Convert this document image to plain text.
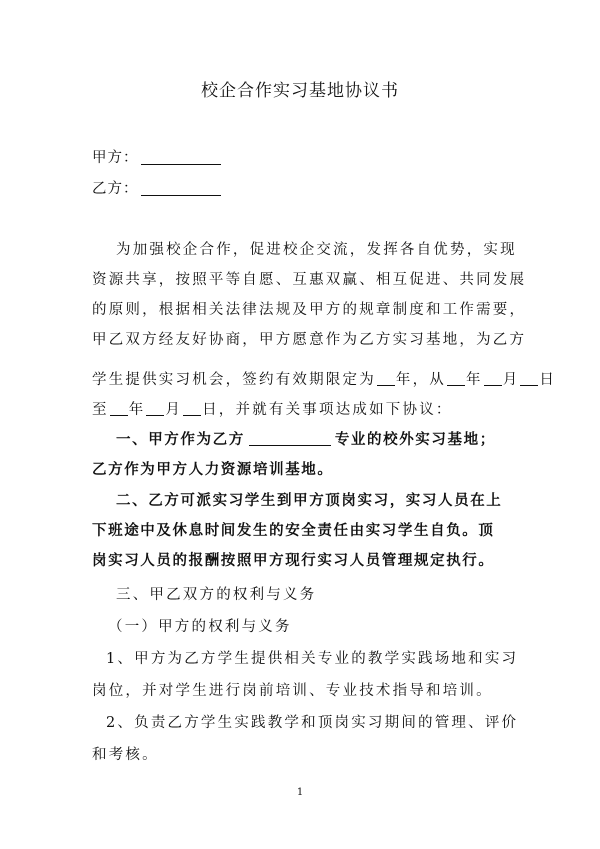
校企合作实习基地协议书
甲方：
乙方：
为加强校企合作，促进校企交流，发挥各自优势，实现
资源共享，按照平等自愿、互惠双赢、相互促进、共同发展
的原则，根据相关法律法规及甲方的规章制度和工作需要，
甲乙双方经友好协商，甲方愿意作为乙方实习基地，为乙方
学生提供实习机会，签约有效期限定为 年，从 年 月 日
至 年 月 日，并就有关事项达成如下协议：
一、甲方作为乙方	专业的校外实习基地；
乙方作为甲方人力资源培训基地。
二、乙方可派实习学生到甲方顶岗实习，实习人员在上
下班途中及休息时间发生的安全责任由实习学生自负。顶
岗实习人员的报酬按照甲方现行实习人员管理规定执行。
三、甲乙双方的权利与义务
（一）甲方的权利与义务
1、甲方为乙方学生提供相关专业的教学实践场地和实习
岗位，并对学生进行岗前培训、专业技术指导和培训。
2、负责乙方学生实践教学和顶岗实习期间的管理、评价
和考核。
1
